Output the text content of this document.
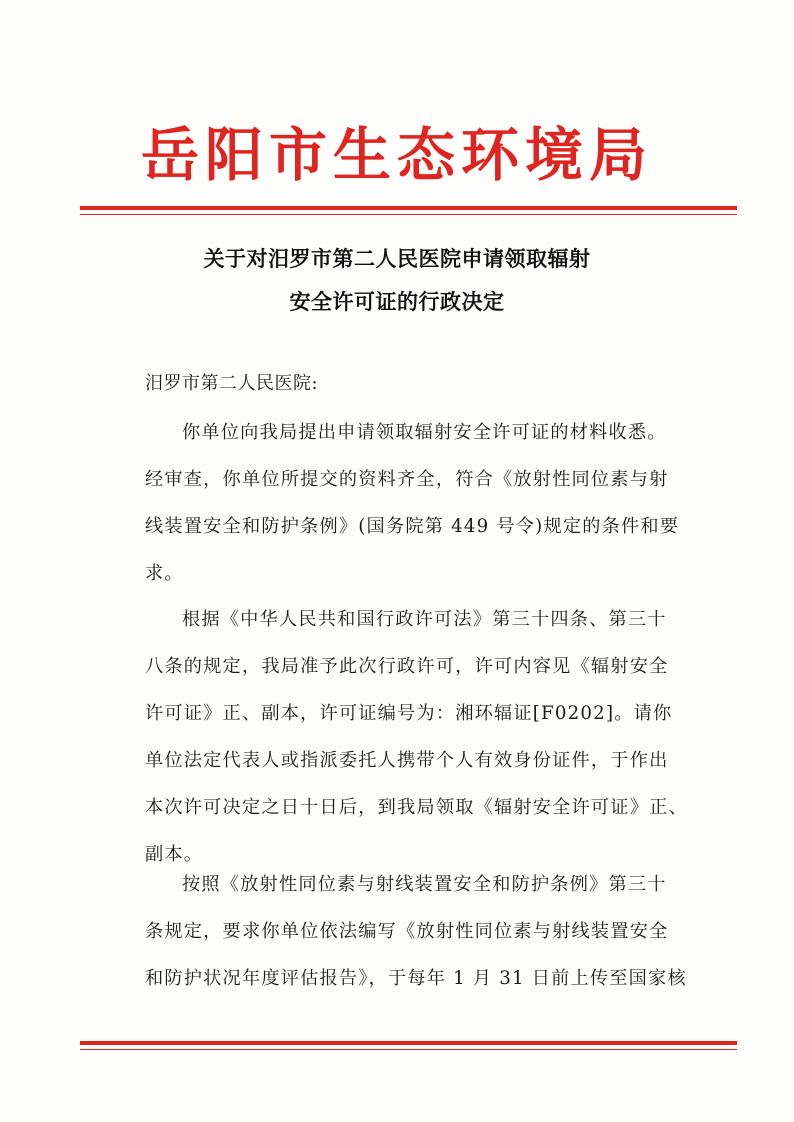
岳阳市生态环境局
关于对汨罗市第二人民医院申请领取辐射
安全许可证的行政决定
汨罗市第二人民医院:

你单位向我局提出申请领取辐射安全许可证的材料收悉。
经审查，你单位所提交的资料齐全，符合《放射性同位素与射
线装置安全和防护条例》(国务院第 449 号令)规定的条件和要
求。

根据《中华人民共和国行政许可法》第三十四条、第三十
八条的规定，我局准予此次行政许可，许可内容见《辐射安全
许可证》正、副本，许可证编号为：湘环辐证[F0202]。请你
单位法定代表人或指派委托人携带个人有效身份证件，于作出
本次许可决定之日十日后，到我局领取《辐射安全许可证》正、
副本。

按照《放射性同位素与射线装置安全和防护条例》第三十
条规定，要求你单位依法编写《放射性同位素与射线装置安全
和防护状况年度评估报告》，于每年 1 月 31 日前上传至国家核
